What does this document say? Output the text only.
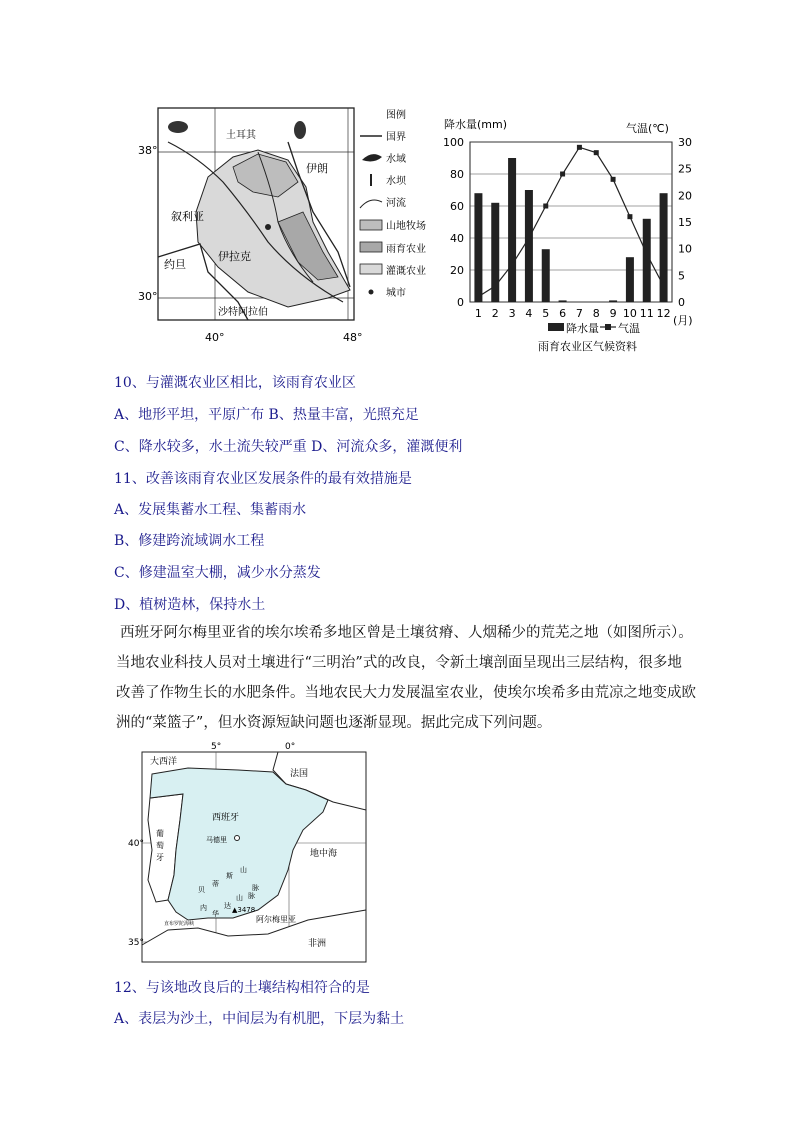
38°
30°
40°	48°
土耳其
伊朗
叙利亚
伊拉克
约旦
沙特阿拉伯
图例
国界
水域
水坝
河流
山地牧场
雨育农业
灌溉农业
城市
降水量(mm)	气温(℃)
0
20
40
60
80
100
0
5
10
15
20
25
30
1 2 3 4 5 6 7 8 9 10 11 12
(月)
降水量 气温
雨育农业区气候资料
10、与灌溉农业区相比，该雨育农业区
A、地形平坦，平原广布 B、热量丰富，光照充足
C、降水较多，水土流失较严重 D、河流众多，灌溉便利
11、改善该雨育农业区发展条件的最有效措施是
A、发展集蓄水工程、集蓄雨水
B、修建跨流域调水工程
C、修建温室大棚，减少水分蒸发
D、植树造林，保持水土
西班牙阿尔梅里亚省的埃尔埃希多地区曾是土壤贫瘠、人烟稀少的荒芜之地（如图所示）。
当地农业科技人员对土壤进行“三明治”式的改良，令新土壤剖面呈现出三层结构，很多地
改善了作物生长的水肥条件。当地农民大力发展温室农业，使埃尔埃希多由荒凉之地变成欧
洲的“菜篮子”，但水资源短缺问题也逐渐显现。据此完成下列问题。
5°	0°
40°
35°
大西洋
法国
西班牙
马德里
葡
萄
牙	地中海
非洲
阿尔梅里亚
▲3478
贝
蒂
斯
山
脉
内
华
达
山 脉
直布罗陀海峡
12、与该地改良后的土壤结构相符合的是
A、表层为沙土，中间层为有机肥，下层为黏土
